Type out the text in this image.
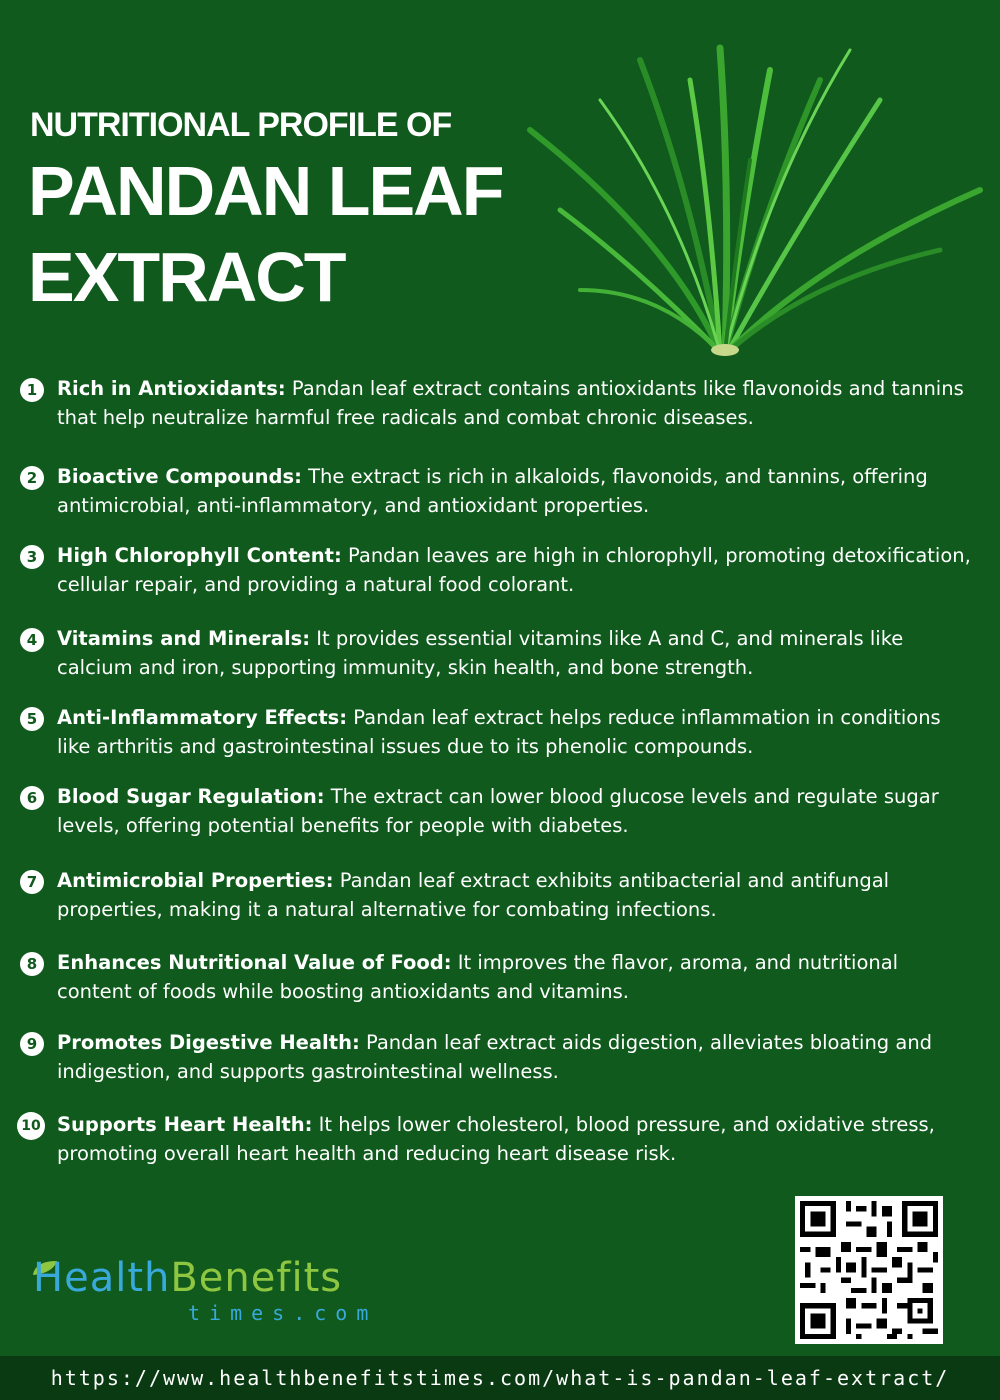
NUTRITIONAL PROFILE OF
PANDAN LEAF
EXTRACT
1	Rich in Antioxidants: Pandan leaf extract contains antioxidants like flavonoids and tannins that help neutralize harmful free radicals and combat chronic diseases.
2	Bioactive Compounds: The extract is rich in alkaloids, flavonoids, and tannins, offering antimicrobial, anti-inflammatory, and antioxidant properties.
3	High Chlorophyll Content: Pandan leaves are high in chlorophyll, promoting detoxification, cellular repair, and providing a natural food colorant.
4	Vitamins and Minerals: It provides essential vitamins like A and C, and minerals like calcium and iron, supporting immunity, skin health, and bone strength.
5	Anti-Inflammatory Effects: Pandan leaf extract helps reduce inflammation in conditions like arthritis and gastrointestinal issues due to its phenolic compounds.
6	Blood Sugar Regulation: The extract can lower blood glucose levels and regulate sugar levels, offering potential benefits for people with diabetes.
7	Antimicrobial Properties: Pandan leaf extract exhibits antibacterial and antifungal properties, making it a natural alternative for combating infections.
8	Enhances Nutritional Value of Food: It improves the flavor, aroma, and nutritional content of foods while boosting antioxidants and vitamins.
9	Promotes Digestive Health: Pandan leaf extract aids digestion, alleviates bloating and indigestion, and supports gastrointestinal wellness.
10 Supports Heart Health: It helps lower cholesterol, blood pressure, and oxidative stress, promoting overall heart health and reducing heart disease risk.
HealthBenefits
times.com
https://www.healthbenefitstimes.com/what-is-pandan-leaf-extract/
